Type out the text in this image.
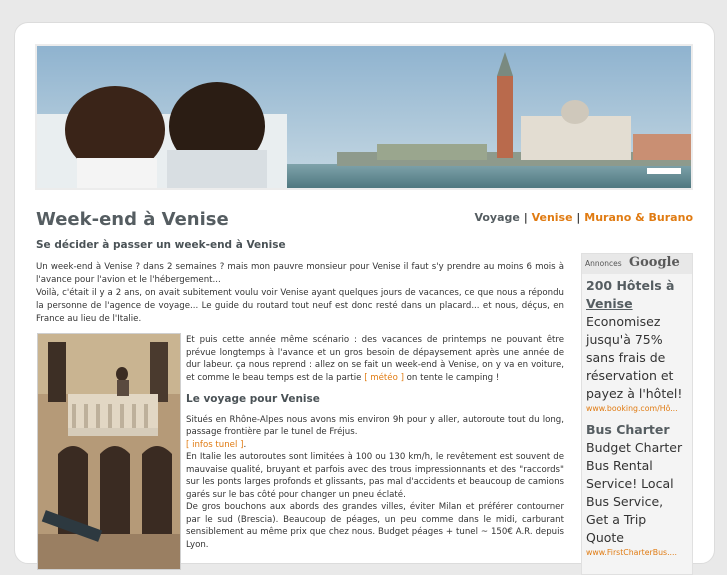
Week-end à Venise	Voyage | Venise | Murano & Burano
Se décider à passer un week-end à Venise
Un week-end à Venise ? dans 2 semaines ? mais mon pauvre monsieur pour Venise il faut s'y prendre au moins 6 mois à l'avance pour l'avion et le l'hébergement...
Voilà, c'était il y a 2 ans, on avait subitement voulu voir Venise ayant quelques jours de vacances, ce que nous a répondu la personne de l'agence de voyage... Le guide du routard tout neuf est donc resté dans un placard... et nous, déçus, en France au lieu de l'Italie.

Et puis cette année même scénario : des vacances de printemps ne pouvant être prévue longtemps à l'avance et un gros besoin de dépaysement après une année de dur labeur. ça nous reprend : allez on se fait un week-end à Venise, on y va en voiture, et comme le beau temps est de la partie [ météo ] on tente le camping !

Le voyage pour Venise

Situés en Rhône-Alpes nous avons mis environ 9h pour y aller, autoroute tout du long, passage frontière par le tunel de Fréjus.
[ infos tunel ].

En Italie les autoroutes sont limitées à 100 ou 130 km/h, le revêtement est souvent de mauvaise qualité, bruyant et parfois avec des trous impressionnants et des "raccords" sur les ponts larges profonds et glissants, pas mal d'accidents et beaucoup de camions garés sur le bas côté pour changer un pneu éclaté.

De gros bouchons aux abords des grandes villes, éviter Milan et préférer contourner par le sud (Brescia). Beaucoup de péages, un peu comme dans le midi, carburant sensiblement au même prix que chez nous. Budget péages + tunel ~ 150€ A.R. depuis Lyon.

Annonces Google
200 Hôtels à Venise
Economisez jusqu'à 75% sans frais de réservation et payez à l'hôtel!
www.booking.com/Hô...
Bus Charter
Budget Charter Bus Rental Service! Local Bus Service, Get a Trip Quote
www.FirstCharterBus....
